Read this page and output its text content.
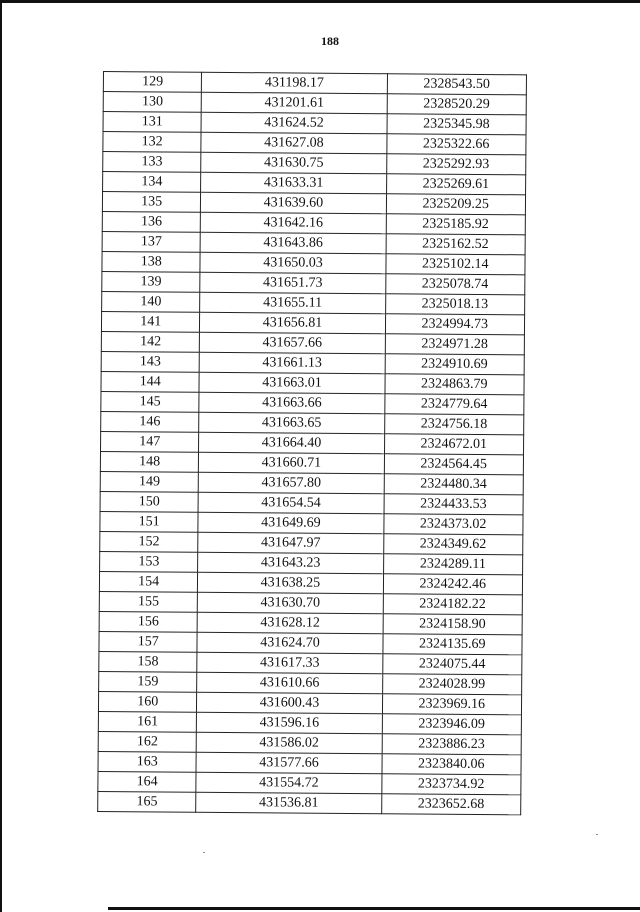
188
129	431198.17	2328543.50
130	431201.61	2328520.29
131	431624.52	2325345.98
132	431627.08	2325322.66
133	431630.75	2325292.93
134	431633.31	2325269.61
135	431639.60	2325209.25
136	431642.16	2325185.92
137	431643.86	2325162.52
138	431650.03	2325102.14
139	431651.73	2325078.74
140	431655.11	2325018.13
141	431656.81	2324994.73
142	431657.66	2324971.28
143	431661.13	2324910.69
144	431663.01	2324863.79
145	431663.66	2324779.64
146	431663.65	2324756.18
147	431664.40	2324672.01
148	431660.71	2324564.45
149	431657.80	2324480.34
150	431654.54	2324433.53
151	431649.69	2324373.02
152	431647.97	2324349.62
153	431643.23	2324289.11
154	431638.25	2324242.46
155	431630.70	2324182.22
156	431628.12	2324158.90
157	431624.70	2324135.69
158	431617.33	2324075.44
159	431610.66	2324028.99
160	431600.43	2323969.16
161	431596.16	2323946.09
162	431586.02	2323886.23
163	431577.66	2323840.06
164	431554.72	2323734.92
165	431536.81	2323652.68
